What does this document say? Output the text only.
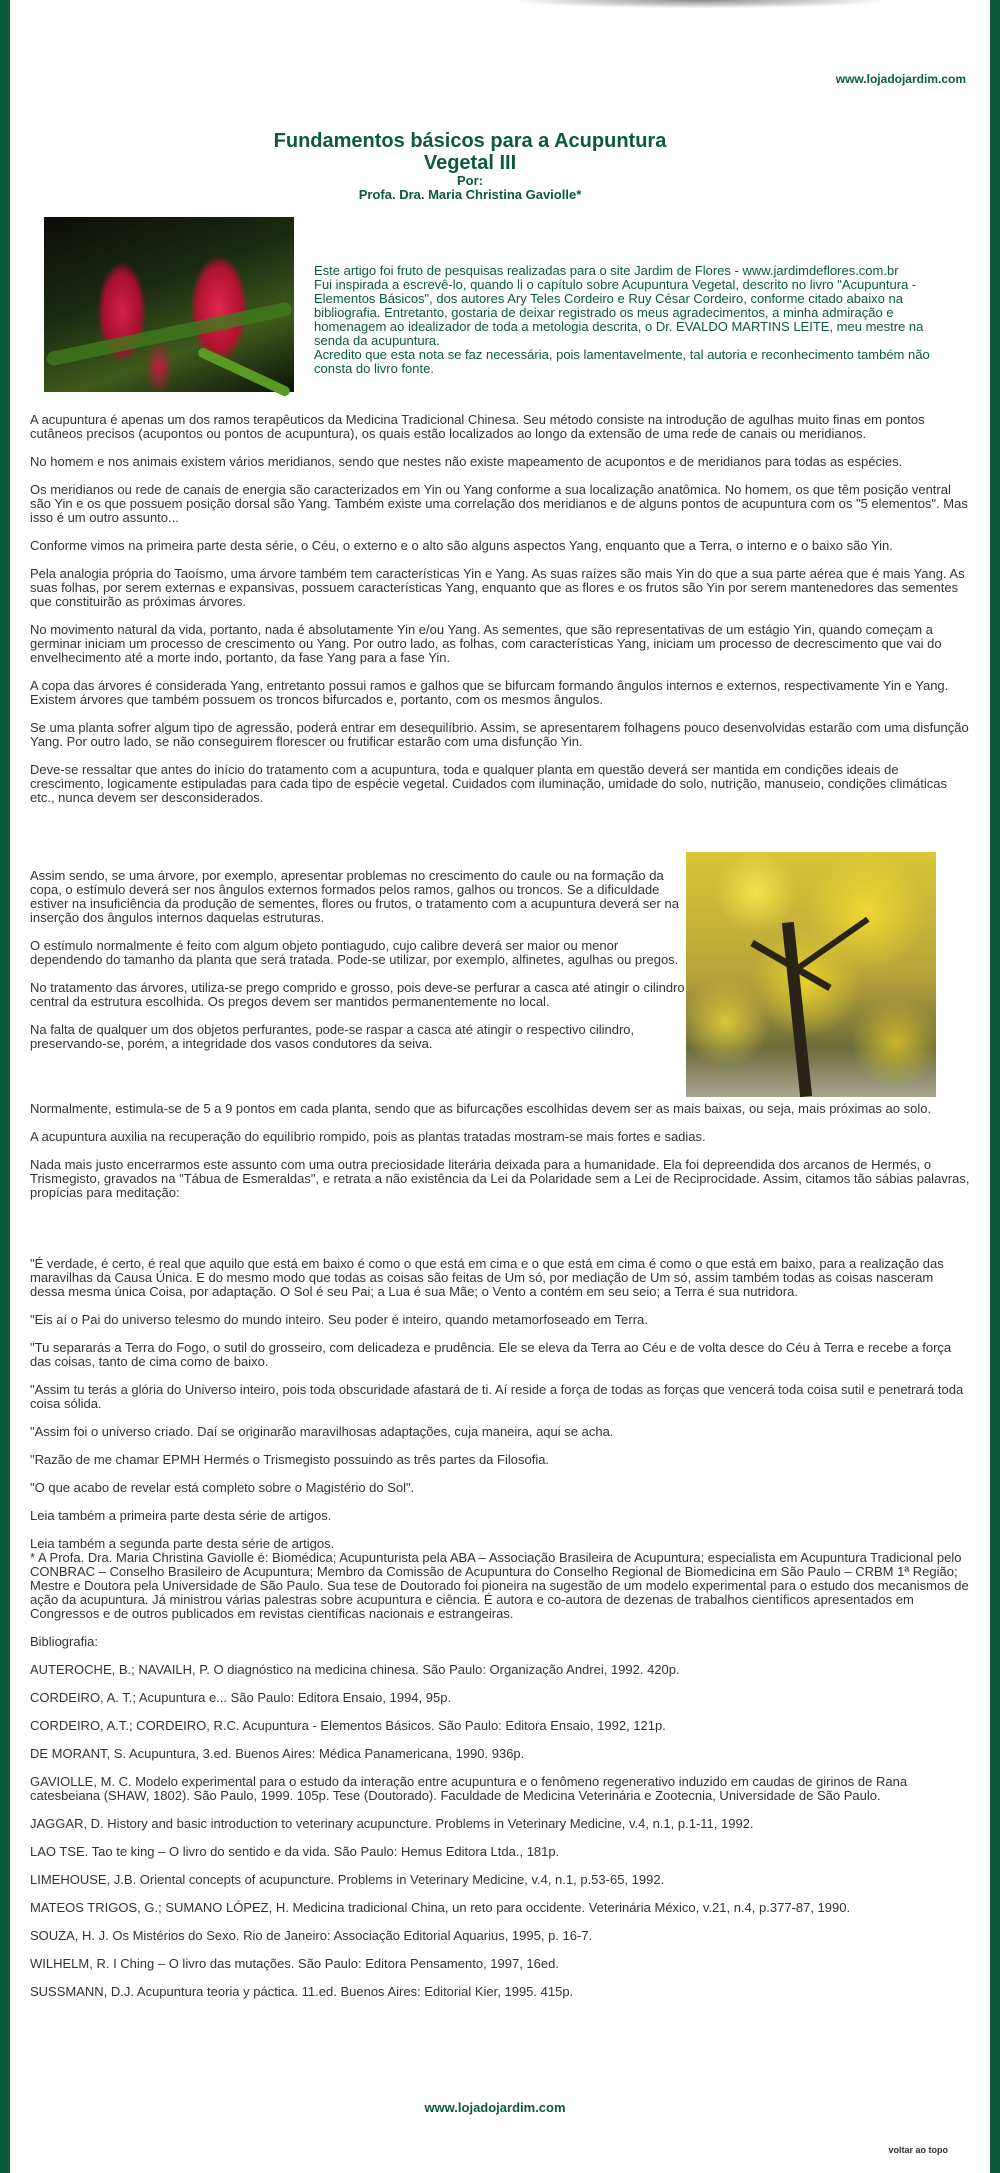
www.lojadojardim.com
Fundamentos básicos para a Acupuntura
Vegetal III
Por:
Profa. Dra. Maria Christina Gaviolle*

Este artigo foi fruto de pesquisas realizadas para o site Jardim de Flores - www.jardimdeflores.com.br

Fui inspirada a escrevê-lo, quando li o capítulo sobre Acupuntura Vegetal, descrito no livro "Acupuntura - Elementos Básicos", dos autores Ary Teles Cordeiro e Ruy César Cordeiro, conforme citado abaixo na bibliografia. Entretanto, gostaria de deixar registrado os meus agradecimentos, a minha admiração e homenagem ao idealizador de toda a metologia descrita, o Dr. EVALDO MARTINS LEITE, meu mestre na senda da acupuntura.

Acredito que esta nota se faz necessária, pois lamentavelmente, tal autoria e reconhecimento também não consta do livro fonte.

A acupuntura é apenas um dos ramos terapêuticos da Medicina Tradicional Chinesa. Seu método consiste na introdução de agulhas muito finas em pontos cutâneos precisos (acupontos ou pontos de acupuntura), os quais estão localizados ao longo da extensão de uma rede de canais ou meridianos.

No homem e nos animais existem vários meridianos, sendo que nestes não existe mapeamento de acupontos e de meridianos para todas as espécies.

Os meridianos ou rede de canais de energia são caracterizados em Yin ou Yang conforme a sua localização anatômica. No homem, os que têm posição ventral são Yin e os que possuem posição dorsal são Yang. Também existe uma correlação dos meridianos e de alguns pontos de acupuntura com os "5 elementos". Mas isso é um outro assunto...

Conforme vimos na primeira parte desta série, o Céu, o externo e o alto são alguns aspectos Yang, enquanto que a Terra, o interno e o baixo são Yin.

Pela analogia própria do Taoísmo, uma árvore também tem características Yin e Yang. As suas raízes são mais Yin do que a sua parte aérea que é mais Yang. As suas folhas, por serem externas e expansivas, possuem características Yang, enquanto que as flores e os frutos são Yin por serem mantenedores das sementes que constituirão as próximas árvores.

No movimento natural da vida, portanto, nada é absolutamente Yin e/ou Yang. As sementes, que são representativas de um estágio Yin, quando começam a germinar iniciam um processo de crescimento ou Yang. Por outro lado, as folhas, com características Yang, iniciam um processo de decrescimento que vai do envelhecimento até a morte indo, portanto, da fase Yang para a fase Yin.

A copa das árvores é considerada Yang, entretanto possui ramos e galhos que se bifurcam formando ângulos internos e externos, respectivamente Yin e Yang. Existem árvores que também possuem os troncos bifurcados e, portanto, com os mesmos ângulos.

Se uma planta sofrer algum tipo de agressão, poderá entrar em desequilíbrio. Assim, se apresentarem folhagens pouco desenvolvidas estarão com uma disfunção Yang. Por outro lado, se não conseguirem florescer ou frutificar estarão com uma disfunção Yin.

Deve-se ressaltar que antes do início do tratamento com a acupuntura, toda e qualquer planta em questão deverá ser mantida em condições ideais de crescimento, logicamente estipuladas para cada tipo de espécie vegetal. Cuidados com iluminação, umidade do solo, nutrição, manuseio, condições climáticas etc., nunca devem ser desconsiderados.

Assim sendo, se uma árvore, por exemplo, apresentar problemas no crescimento do caule ou na formação da copa, o estímulo deverá ser nos ângulos externos formados pelos ramos, galhos ou troncos. Se a dificuldade estiver na insuficiência da produção de sementes, flores ou frutos, o tratamento com a acupuntura deverá ser na inserção dos ângulos internos daquelas estruturas.

O estímulo normalmente é feito com algum objeto pontiagudo, cujo calibre deverá ser maior ou menor dependendo do tamanho da planta que será tratada. Pode-se utilizar, por exemplo, alfinetes, agulhas ou pregos.

No tratamento das árvores, utiliza-se prego comprido e grosso, pois deve-se perfurar a casca até atingir o cilindro central da estrutura escolhida. Os pregos devem ser mantidos permanentemente no local.

Na falta de qualquer um dos objetos perfurantes, pode-se raspar a casca até atingir o respectivo cilindro, preservando-se, porém, a integridade dos vasos condutores da seiva.

Normalmente, estimula-se de 5 a 9 pontos em cada planta, sendo que as bifurcações escolhidas devem ser as mais baixas, ou seja, mais próximas ao solo.

A acupuntura auxilia na recuperação do equilíbrio rompido, pois as plantas tratadas mostram-se mais fortes e sadias.

Nada mais justo encerrarmos este assunto com uma outra preciosidade literária deixada para a humanidade. Ela foi depreendida dos arcanos de Hermés, o Trismegisto, gravados na "Tábua de Esmeraldas", e retrata a não existência da Lei da Polaridade sem a Lei de Reciprocidade. Assim, citamos tão sábias palavras, propícias para meditação:

"É verdade, é certo, é real que aquilo que está em baixo é como o que está em cima e o que está em cima é como o que está em baixo, para a realização das maravilhas da Causa Única. E do mesmo modo que todas as coisas são feitas de Um só, por mediação de Um só, assim também todas as coisas nasceram dessa mesma única Coisa, por adaptação. O Sol é seu Pai; a Lua é sua Mãe; o Vento a contém em seu seio; a Terra é sua nutridora.

"Eis aí o Pai do universo telesmo do mundo inteiro. Seu poder é inteiro, quando metamorfoseado em Terra.

"Tu separarás a Terra do Fogo, o sutil do grosseiro, com delicadeza e prudência. Ele se eleva da Terra ao Céu e de volta desce do Céu à Terra e recebe a força das coisas, tanto de cima como de baixo.

"Assim tu terás a glória do Universo inteiro, pois toda obscuridade afastará de ti. Aí reside a força de todas as forças que vencerá toda coisa sutil e penetrará toda coisa sólida.

"Assim foi o universo criado. Daí se originarão maravilhosas adaptações, cuja maneira, aqui se acha.

"Razão de me chamar EPMH Hermés o Trismegisto possuindo as três partes da Filosofia.

"O que acabo de revelar está completo sobre o Magistério do Sol".

Leia também a primeira parte desta série de artigos.

Leia também a segunda parte desta série de artigos.

* A Profa. Dra. Maria Christina Gaviolle é: Biomédica; Acupunturista pela ABA – Associação Brasileira de Acupuntura; especialista em Acupuntura Tradicional pelo CONBRAC – Conselho Brasileiro de Acupuntura; Membro da Comissão de Acupuntura do Conselho Regional de Biomedicina em São Paulo – CRBM 1ª Região; Mestre e Doutora pela Universidade de São Paulo. Sua tese de Doutorado foi pioneira na sugestão de um modelo experimental para o estudo dos mecanismos de ação da acupuntura. Já ministrou várias palestras sobre acupuntura e ciência. É autora e co-autora de dezenas de trabalhos científicos apresentados em Congressos e de outros publicados em revistas científicas nacionais e estrangeiras.

Bibliografia:

AUTEROCHE, B.; NAVAILH, P. O diagnóstico na medicina chinesa. São Paulo: Organização Andrei, 1992. 420p.

CORDEIRO, A. T.; Acupuntura e... São Paulo: Editora Ensaio, 1994, 95p.

CORDEIRO, A.T.; CORDEIRO, R.C. Acupuntura - Elementos Básicos. São Paulo: Editora Ensaio, 1992, 121p.

DE MORANT, S. Acupuntura, 3.ed. Buenos Aires: Médica Panamericana, 1990. 936p.

GAVIOLLE, M. C. Modelo experimental para o estudo da interação entre acupuntura e o fenômeno regenerativo induzido em caudas de girinos de Rana catesbeiana (SHAW, 1802). São Paulo, 1999. 105p. Tese (Doutorado). Faculdade de Medicina Veterinária e Zootecnia, Universidade de São Paulo.

JAGGAR, D. History and basic introduction to veterinary acupuncture. Problems in Veterinary Medicine, v.4, n.1, p.1-11, 1992.

LAO TSE. Tao te king – O livro do sentido e da vida. São Paulo: Hemus Editora Ltda., 181p.

LIMEHOUSE, J.B. Oriental concepts of acupuncture. Problems in Veterinary Medicine, v.4, n.1, p.53-65, 1992.

MATEOS TRIGOS, G.; SUMANO LÓPEZ, H. Medicina tradicional China, un reto para occidente. Veterinária México, v.21, n.4, p.377-87, 1990.

SOUZA, H. J. Os Mistérios do Sexo. Rio de Janeiro: Associação Editorial Aquarius, 1995, p. 16-7.

WILHELM, R. I Ching – O livro das mutações. São Paulo: Editora Pensamento, 1997, 16ed.

SUSSMANN, D.J. Acupuntura teoria y páctica. 11.ed. Buenos Aires: Editorial Kier, 1995. 415p.

www.lojadojardim.com
voltar ao topo
